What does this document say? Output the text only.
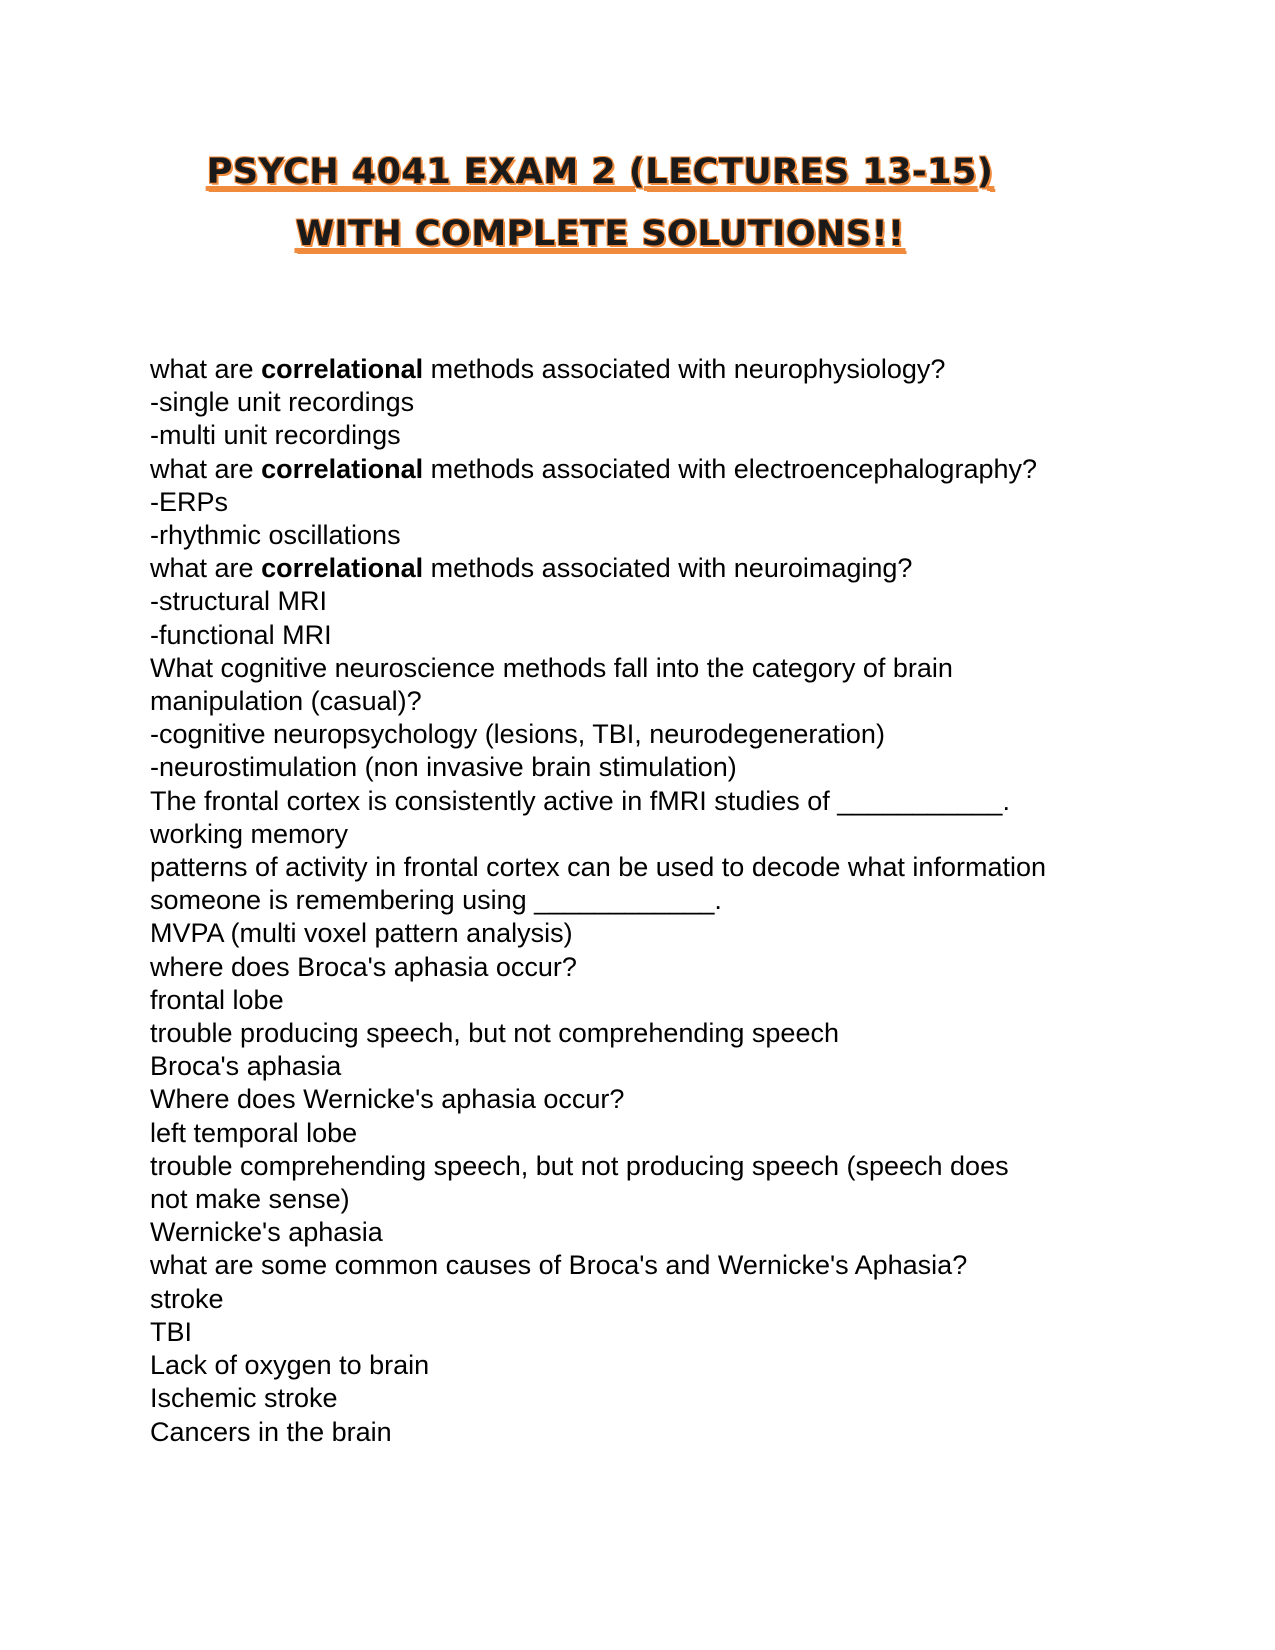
PSYCH 4041 EXAM 2 (LECTURES 13-15)
WITH COMPLETE SOLUTIONS!!
what are correlational methods associated with neurophysiology?
-single unit recordings
-multi unit recordings
what are correlational methods associated with electroencephalography?
-ERPs
-rhythmic oscillations
what are correlational methods associated with neuroimaging?
-structural MRI
-functional MRI
What cognitive neuroscience methods fall into the category of brain
manipulation (casual)?
-cognitive neuropsychology (lesions, TBI, neurodegeneration)
-neurostimulation (non invasive brain stimulation)
The frontal cortex is consistently active in fMRI studies of ___________.
working memory
patterns of activity in frontal cortex can be used to decode what information
someone is remembering using ____________.
MVPA (multi voxel pattern analysis)
where does Broca's aphasia occur?
frontal lobe
trouble producing speech, but not comprehending speech
Broca's aphasia
Where does Wernicke's aphasia occur?
left temporal lobe
trouble comprehending speech, but not producing speech (speech does
not make sense)
Wernicke's aphasia
what are some common causes of Broca's and Wernicke's Aphasia?
stroke
TBI
Lack of oxygen to brain
Ischemic stroke
Cancers in the brain
